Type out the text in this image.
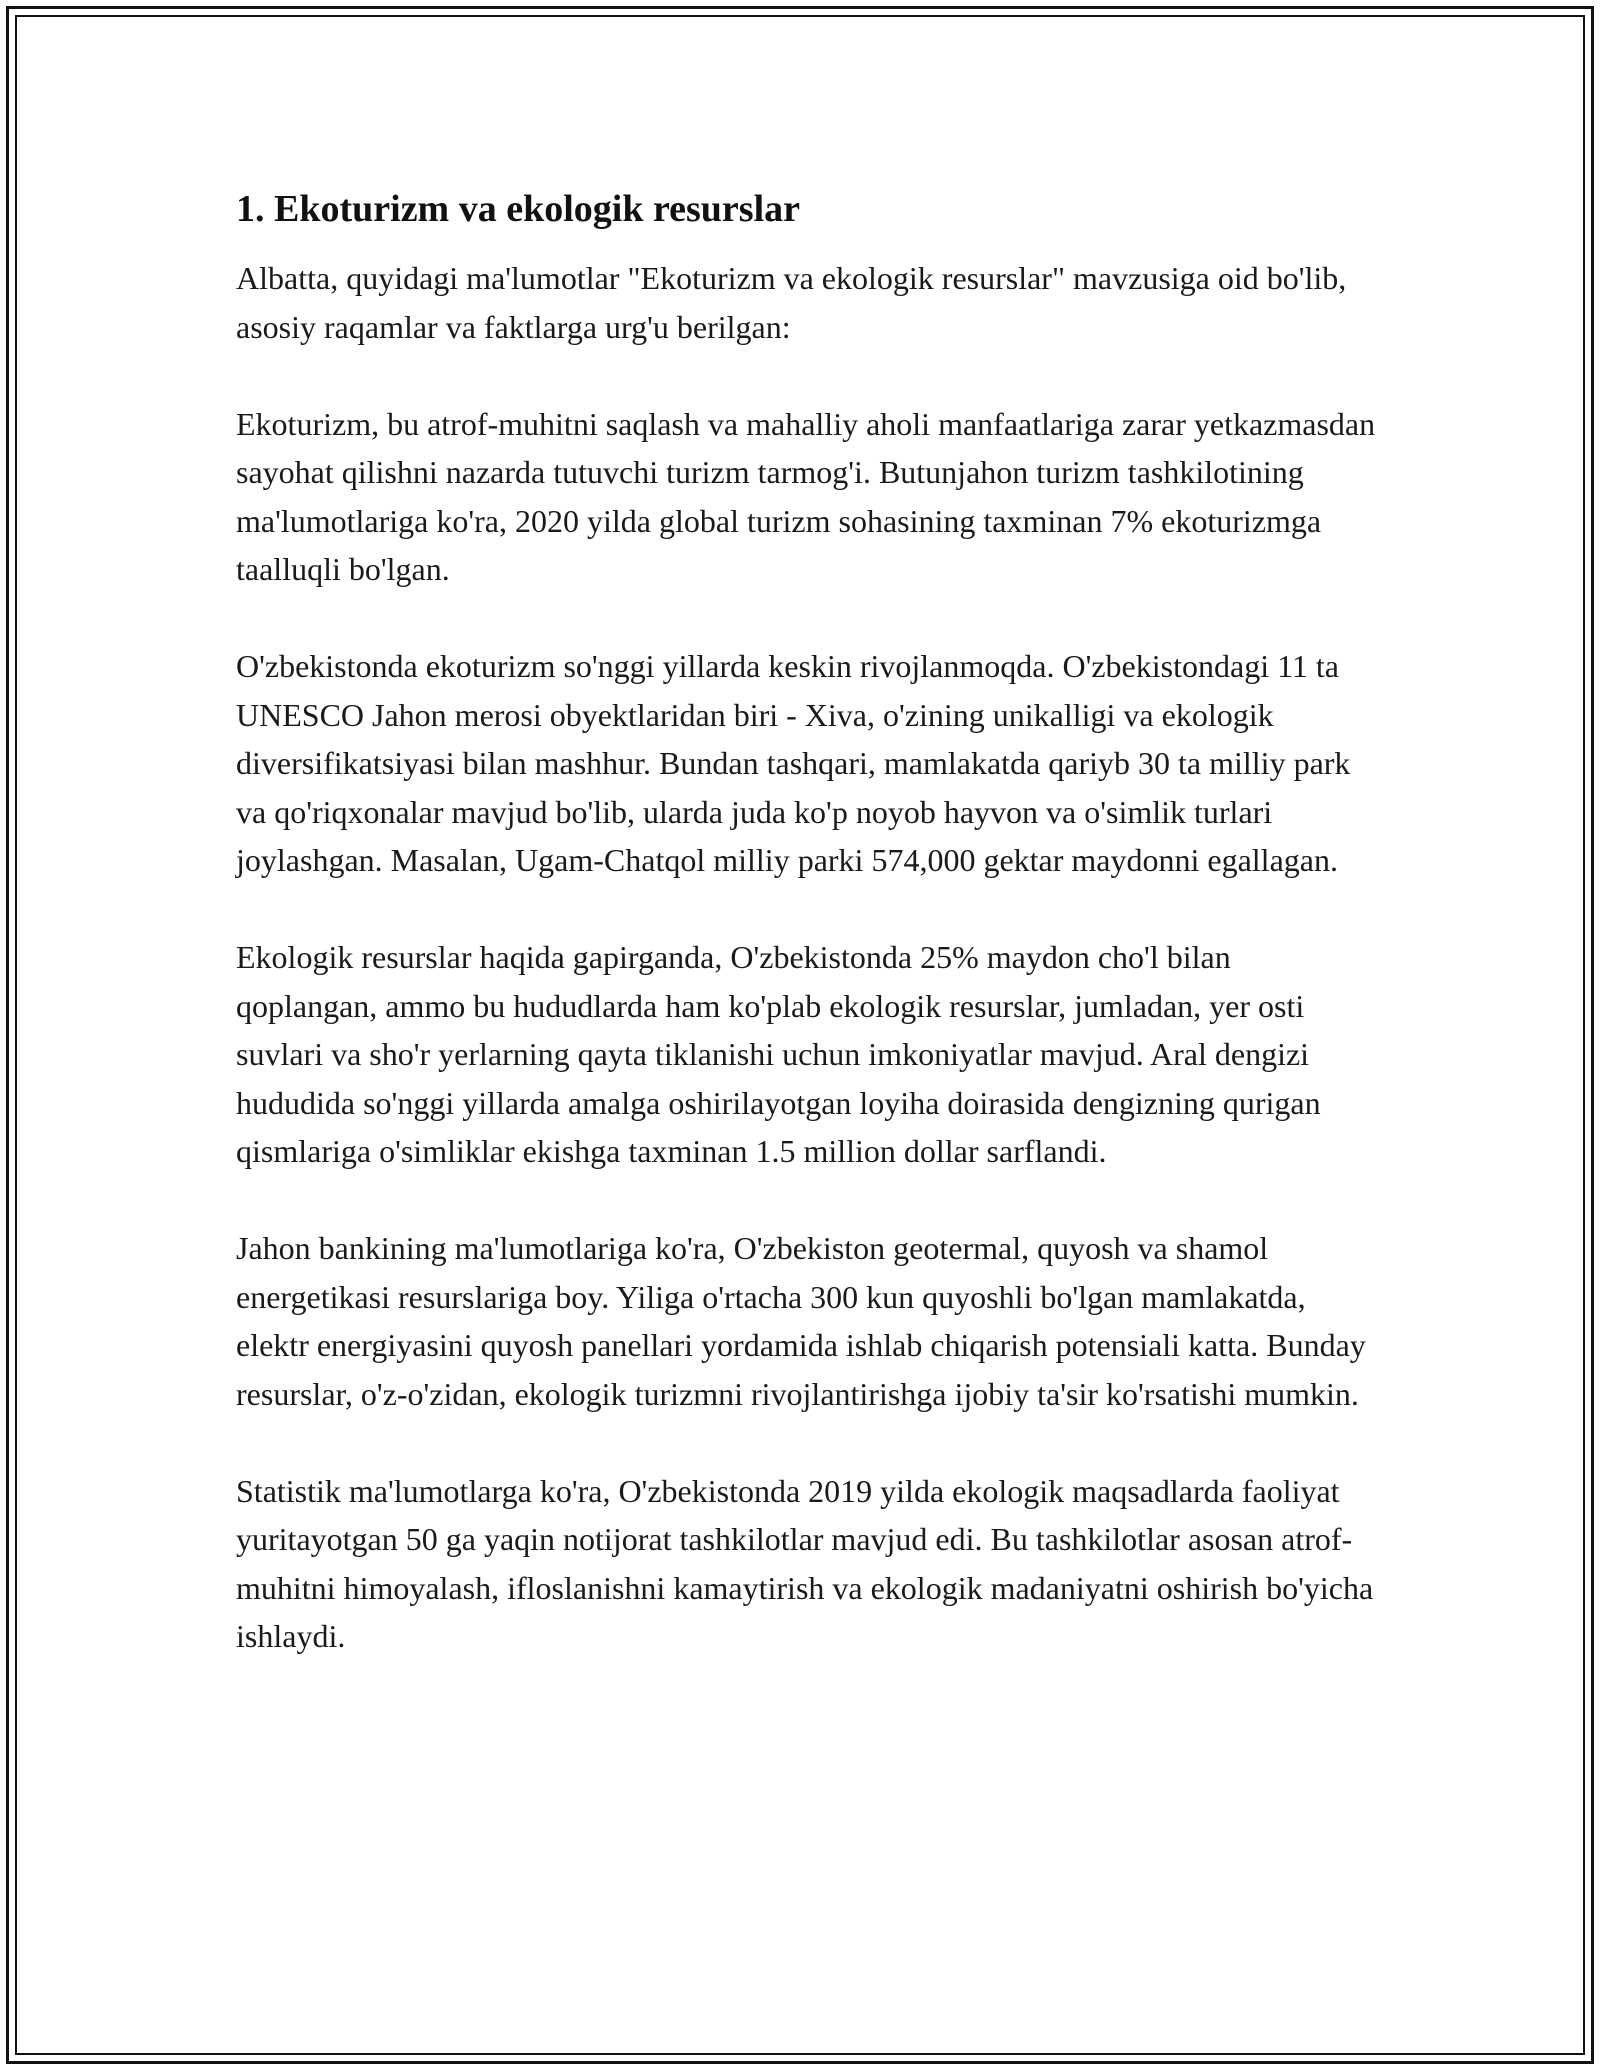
1. Ekoturizm va ekologik resurslar

Albatta, quyidagi ma'lumotlar "Ekoturizm va ekologik resurslar" mavzusiga oid bo'lib, asosiy raqamlar va faktlarga urg'u berilgan:

Ekoturizm, bu atrof-muhitni saqlash va mahalliy aholi manfaatlariga zarar yetkazmasdan sayohat qilishni nazarda tutuvchi turizm tarmog'i. Butunjahon turizm tashkilotining ma'lumotlariga ko'ra, 2020 yilda global turizm sohasining taxminan 7% ekoturizmga taalluqli bo'lgan.

O'zbekistonda ekoturizm so'nggi yillarda keskin rivojlanmoqda. O'zbekistondagi 11 ta UNESCO Jahon merosi obyektlaridan biri - Xiva, o'zining unikalligi va ekologik diversifikatsiyasi bilan mashhur. Bundan tashqari, mamlakatda qariyb 30 ta milliy park va qo'riqxonalar mavjud bo'lib, ularda juda ko'p noyob hayvon va o'simlik turlari joylashgan. Masalan, Ugam-Chatqol milliy parki 574,000 gektar maydonni egallagan.

Ekologik resurslar haqida gapirganda, O'zbekistonda 25% maydon cho'l bilan qoplangan, ammo bu hududlarda ham ko'plab ekologik resurslar, jumladan, yer osti suvlari va sho'r yerlarning qayta tiklanishi uchun imkoniyatlar mavjud. Aral dengizi hududida so'nggi yillarda amalga oshirilayotgan loyiha doirasida dengizning qurigan qismlariga o'simliklar ekishga taxminan 1.5 million dollar sarflandi.

Jahon bankining ma'lumotlariga ko'ra, O'zbekiston geotermal, quyosh va shamol energetikasi resurslariga boy. Yiliga o'rtacha 300 kun quyoshli bo'lgan mamlakatda, elektr energiyasini quyosh panellari yordamida ishlab chiqarish potensiali katta. Bunday resurslar, o'z-o'zidan, ekologik turizmni rivojlantirishga ijobiy ta'sir ko'rsatishi mumkin.

Statistik ma'lumotlarga ko'ra, O'zbekistonda 2019 yilda ekologik maqsadlarda faoliyat yuritayotgan 50 ga yaqin notijorat tashkilotlar mavjud edi. Bu tashkilotlar asosan atrof-muhitni himoyalash, ifloslanishni kamaytirish va ekologik madaniyatni oshirish bo'yicha ishlaydi.
